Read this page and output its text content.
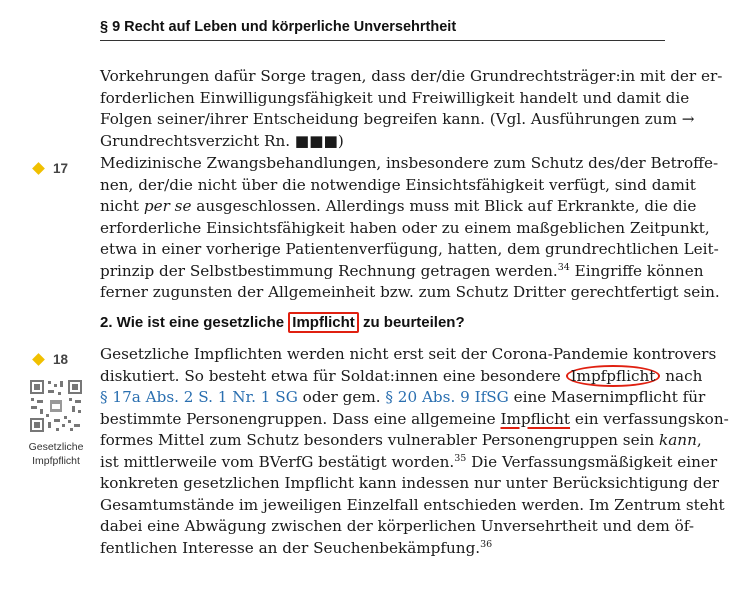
§ 9 Recht auf Leben und körperliche Unversehrtheit
Vorkehrungen dafür Sorge tragen, dass der/die Grundrechtsträger:in mit der er-
forderlichen Einwilligungsfähigkeit und Freiwilligkeit handelt und damit die
Folgen seiner/ihrer Entscheidung begreifen kann. (Vgl. Ausführungen zum →
Grundrechtsverzicht Rn. ■■■)
17 Medizinische Zwangsbehandlungen, insbesondere zum Schutz des/der Betroffe-
nen, der/die nicht über die notwendige Einsichtsfähigkeit verfügt, sind damit
nicht per se ausgeschlossen. Allerdings muss mit Blick auf Erkrankte, die die
erforderliche Einsichtsfähigkeit haben oder zu einem maßgeblichen Zeitpunkt,
etwa in einer vorherige Patientenverfügung, hatten, dem grundrechtlichen Leit-
prinzip der Selbstbestimmung Rechnung getragen werden.$^{34}$ Eingriffe können
ferner zugunsten der Allgemeinheit bzw. zum Schutz Dritter gerechtfertigt sein.
2. Wie ist eine gesetzliche Impflicht zu beurteilen?
18
Gesetzliche
Impfpflicht
Gesetzliche Impflichten werden nicht erst seit der Corona-Pandemie kontrovers
diskutiert. So besteht etwa für Soldat:innen eine besondere Impfpflicht nach
§ 17a Abs. 2 S. 1 Nr. 1 SG oder gem. § 20 Abs. 9 IfSG eine Masernimpflicht für
bestimmte Personengruppen. Dass eine allgemeine Impflicht ein verfassungskon-
formes Mittel zum Schutz besonders vulnerabler Personengruppen sein kann,
ist mittlerweile vom BVerfG bestätigt worden.$^{35}$ Die Verfassungsmäßigkeit einer
konkreten gesetzlichen Impflicht kann indessen nur unter Berücksichtigung der
Gesamtumstände im jeweiligen Einzelfall entschieden werden. Im Zentrum steht
dabei eine Abwägung zwischen der körperlichen Unversehrtheit und dem öf-
fentlichen Interesse an der Seuchenbekämpfung.$^{36}$
